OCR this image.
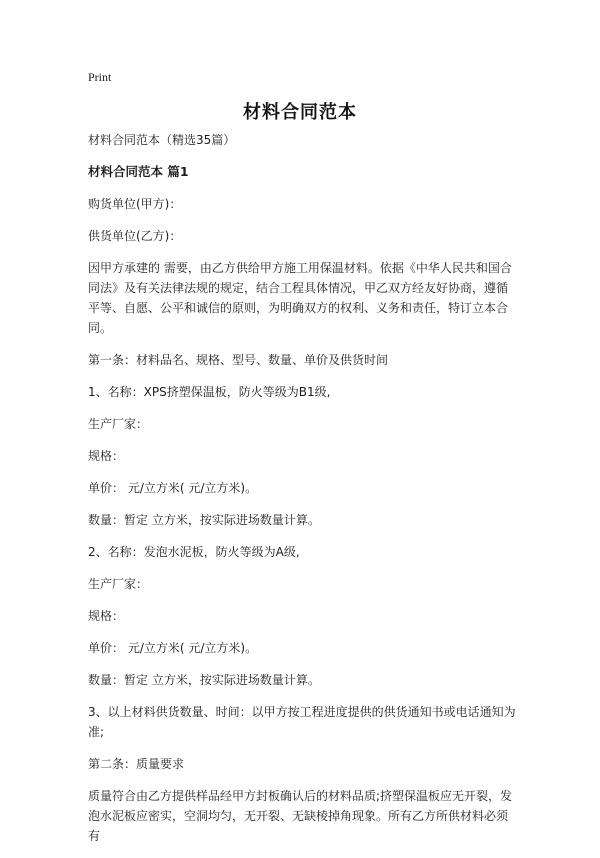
Print
材料合同范本

材料合同范本（精选35篇）

材料合同范本 篇1

购货单位(甲方)：

供货单位(乙方)：

因甲方承建的 需要，由乙方供给甲方施工用保温材料。依据《中华人民共和国合同法》及有关法律法规的规定，结合工程具体情况，甲乙双方经友好协商，遵循平等、自愿、公平和诚信的原则，为明确双方的权利、义务和责任，特订立本合同。

第一条：材料品名、规格、型号、数量、单价及供货时间

1、名称：XPS挤塑保温板，防火等级为B1级,

生产厂家：

规格：

单价： 元/立方米( 元/立方米)。

数量：暂定 立方米，按实际进场数量计算。

2、名称：发泡水泥板，防火等级为A级,

生产厂家：

规格：

单价： 元/立方米( 元/立方米)。

数量：暂定 立方米，按实际进场数量计算。

3、以上材料供货数量、时间：以甲方按工程进度提供的供货通知书或电话通知为准;

第二条：质量要求

质量符合由乙方提供样品经甲方封板确认后的材料品质;挤塑保温板应无开裂，发泡水泥板应密实，空洞均匀，无开裂、无缺棱掉角现象。所有乙方所供材料必须有
